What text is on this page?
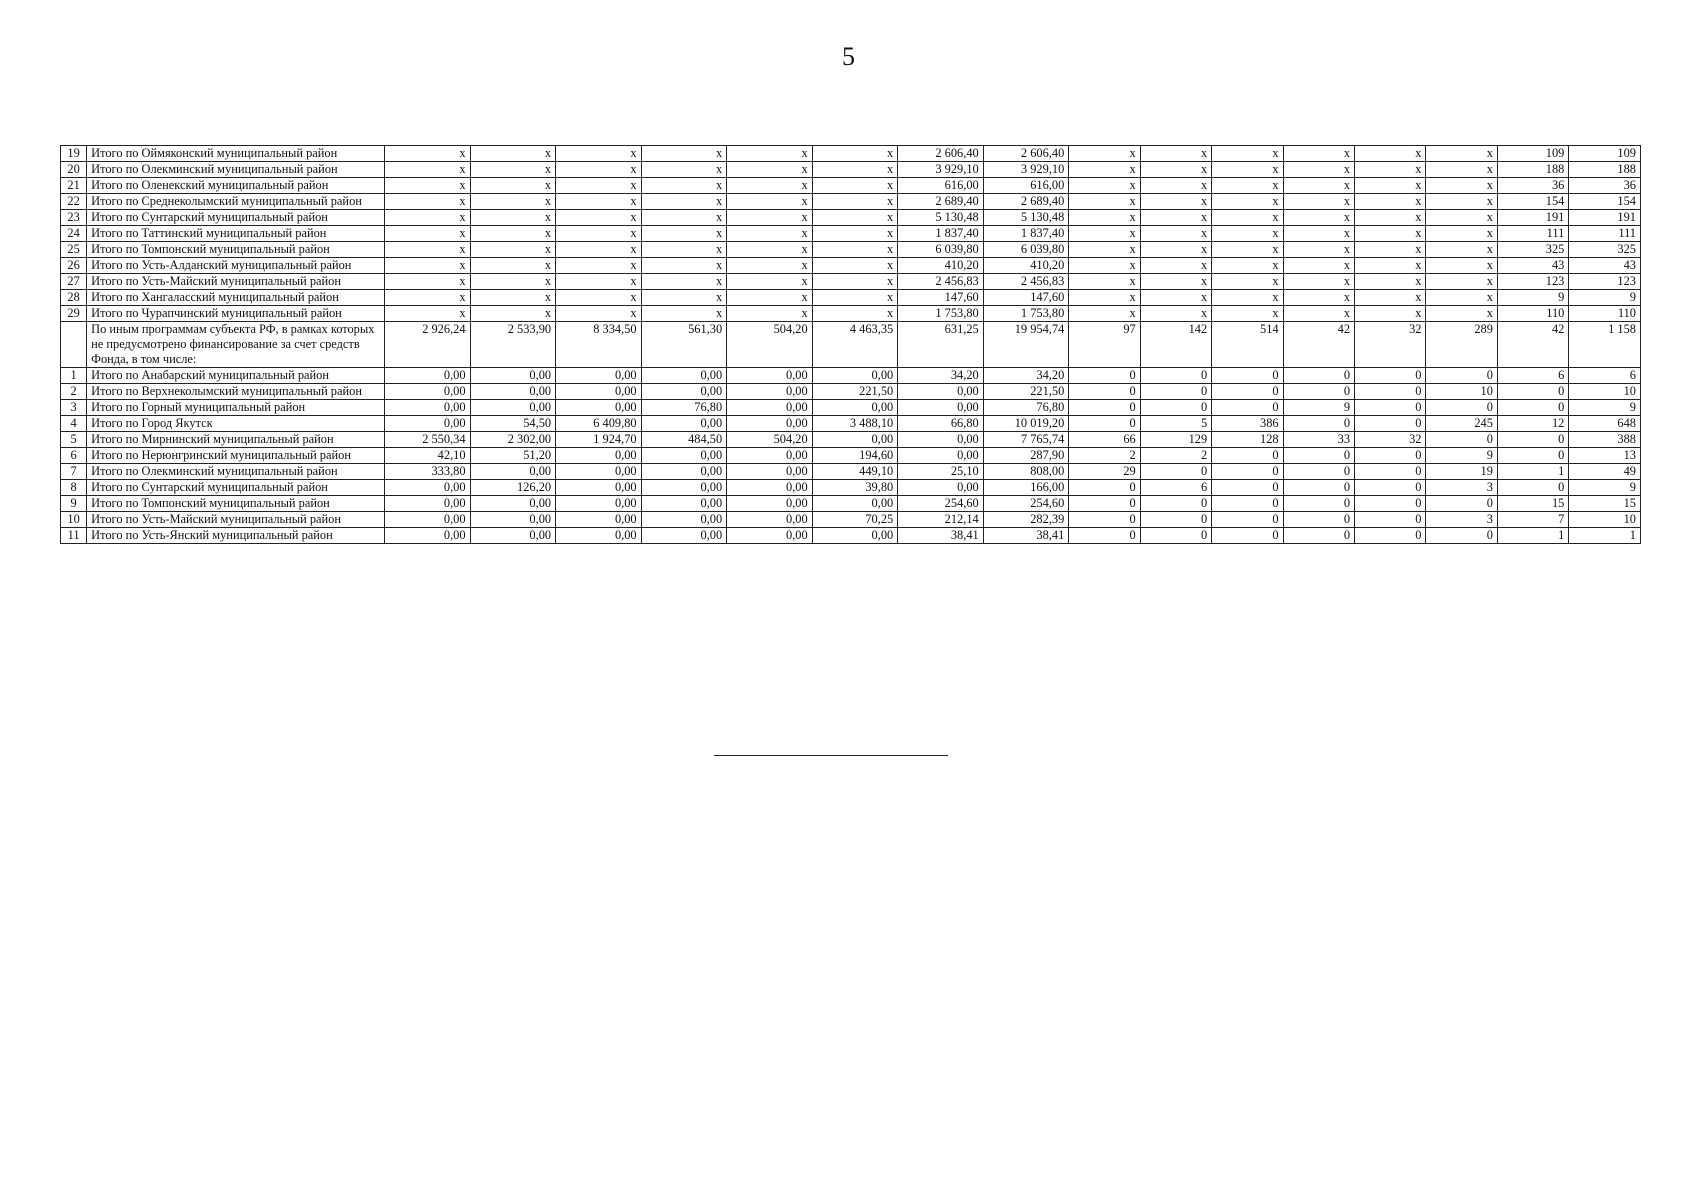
5
19	Итого по Оймяконский муниципальный район	х	х	х	х	х	х	2 606,40	2 606,40	х	х	х	х	х	х	109	109
20	Итого по Олекминский муниципальный район	х	х	х	х	х	х	3 929,10	3 929,10	х	х	х	х	х	х	188	188
21	Итого по Оленекский муниципальный район	х	х	х	х	х	х	616,00	616,00	х	х	х	х	х	х	36	36
22	Итого по Среднеколымский муниципальный район	х	х	х	х	х	х	2 689,40	2 689,40	х	х	х	х	х	х	154	154
23	Итого по Сунтарский муниципальный район	х	х	х	х	х	х	5 130,48	5 130,48	х	х	х	х	х	х	191	191
24	Итого по Таттинский муниципальный район	х	х	х	х	х	х	1 837,40	1 837,40	х	х	х	х	х	х	111	111
25	Итого по Томпонский муниципальный район	х	х	х	х	х	х	6 039,80	6 039,80	х	х	х	х	х	х	325	325
26	Итого по Усть-Алданский муниципальный район	х	х	х	х	х	х	410,20	410,20	х	х	х	х	х	х	43	43
27	Итого по Усть-Майский муниципальный район	х	х	х	х	х	х	2 456,83	2 456,83	х	х	х	х	х	х	123	123
28	Итого по Хангаласский муниципальный район	х	х	х	х	х	х	147,60	147,60	х	х	х	х	х	х	9	9
29	Итого по Чурапчинский муниципальный район	х	х	х	х	х	х	1 753,80	1 753,80	х	х	х	х	х	х	110	110
	По иным программам субъекта РФ, в рамках которых не предусмотрено финансирование за счет средств Фонда, в том числе:	2 926,24	2 533,90	8 334,50	561,30	504,20	4 463,35	631,25	19 954,74	97	142	514	42	32	289	42	1 158
1	Итого по Анабарский муниципальный район	0,00	0,00	0,00	0,00	0,00	0,00	34,20	34,20	0	0	0	0	0	0	6	6
2	Итого по Верхнеколымский муниципальный район	0,00	0,00	0,00	0,00	0,00	221,50	0,00	221,50	0	0	0	0	0	10	0	10
3	Итого по Горный муниципальный район	0,00	0,00	0,00	76,80	0,00	0,00	0,00	76,80	0	0	0	9	0	0	0	9
4	Итого по Город Якутск	0,00	54,50	6 409,80	0,00	0,00	3 488,10	66,80	10 019,20	0	5	386	0	0	245	12	648
5	Итого по Мирнинский муниципальный район	2 550,34	2 302,00	1 924,70	484,50	504,20	0,00	0,00	7 765,74	66	129	128	33	32	0	0	388
6	Итого по Нерюнгринский муниципальный район	42,10	51,20	0,00	0,00	0,00	194,60	0,00	287,90	2	2	0	0	0	9	0	13
7	Итого по Олекминский муниципальный район	333,80	0,00	0,00	0,00	0,00	449,10	25,10	808,00	29	0	0	0	0	19	1	49
8	Итого по Сунтарский муниципальный район	0,00	126,20	0,00	0,00	0,00	39,80	0,00	166,00	0	6	0	0	0	3	0	9
9	Итого по Томпонский муниципальный район	0,00	0,00	0,00	0,00	0,00	0,00	254,60	254,60	0	0	0	0	0	0	15	15
10	Итого по Усть-Майский муниципальный район	0,00	0,00	0,00	0,00	0,00	70,25	212,14	282,39	0	0	0	0	0	3	7	10
11	Итого по Усть-Янский муниципальный район	0,00	0,00	0,00	0,00	0,00	0,00	38,41	38,41	0	0	0	0	0	0	1	1
